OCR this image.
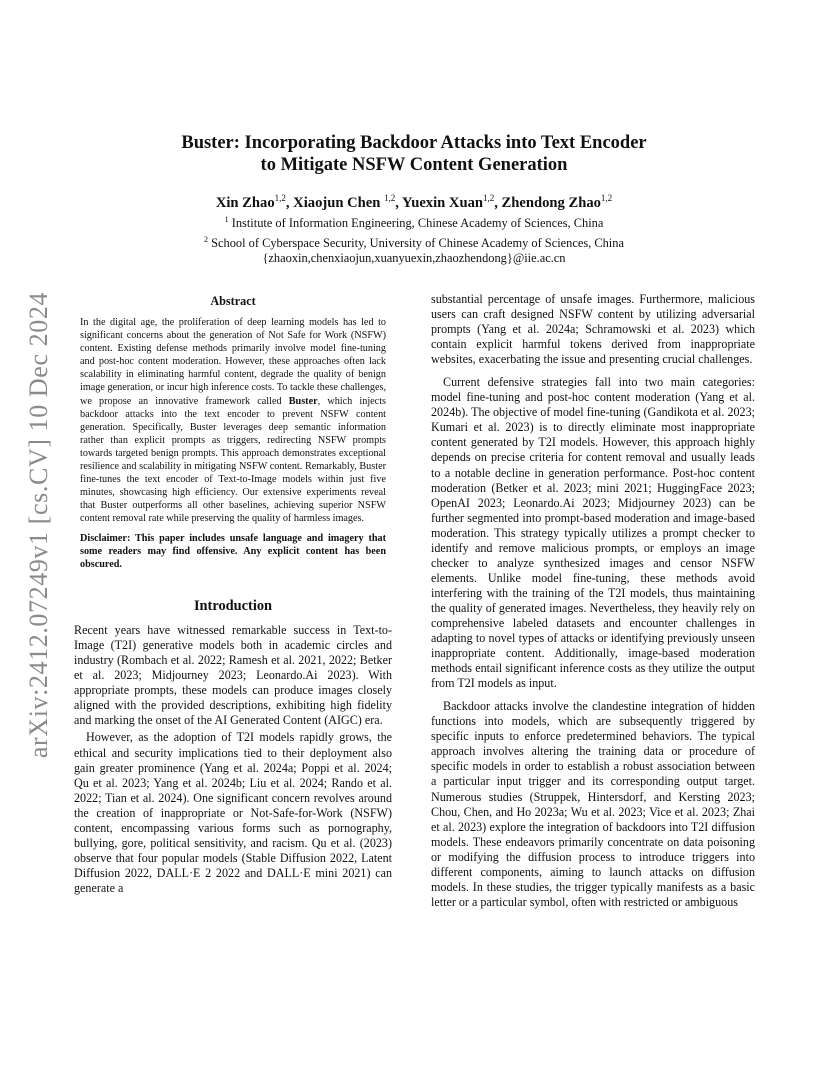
arXiv:2412.07249v1 [cs.CV] 10 Dec 2024
Buster: Incorporating Backdoor Attacks into Text Encoder
to Mitigate NSFW Content Generation
Xin Zhao$^{1,2}$, Xiaojun Chen $^{1,2}$, Yuexin Xuan$^{1,2}$, Zhendong Zhao$^{1,2}$
$^1$ Institute of Information Engineering, Chinese Academy of Sciences, China
$^2$ School of Cyberspace Security, University of Chinese Academy of Sciences, China
{zhaoxin,chenxiaojun,xuanyuexin,zhaozhendong}@iie.ac.cn
Abstract

In the digital age, the proliferation of deep learning models has led to significant concerns about the generation of Not Safe for Work (NSFW) content. Existing defense methods primarily involve model fine-tuning and post-hoc content moderation. However, these approaches often lack scalability in eliminating harmful content, degrade the quality of benign image generation, or incur high inference costs. To tackle these challenges, we propose an innovative framework called Buster, which injects backdoor attacks into the text encoder to prevent NSFW content generation. Specifically, Buster leverages deep semantic information rather than explicit prompts as triggers, redirecting NSFW prompts towards targeted benign prompts. This approach demonstrates exceptional resilience and scalability in mitigating NSFW content. Remarkably, Buster fine-tunes the text encoder of Text-to-Image models within just five minutes, showcasing high efficiency. Our extensive experiments reveal that Buster outperforms all other baselines, achieving superior NSFW content removal rate while preserving the quality of harmless images.

Disclaimer: This paper includes unsafe language and imagery that some readers may find offensive. Any explicit content has been obscured.

Introduction

Recent years have witnessed remarkable success in Text-to-Image (T2I) generative models both in academic circles and industry (Rombach et al. 2022; Ramesh et al. 2021, 2022; Betker et al. 2023; Midjourney 2023; Leonardo.Ai 2023). With appropriate prompts, these models can produce images closely aligned with the provided descriptions, exhibiting high fidelity and marking the onset of the AI Generated Content (AIGC) era.

However, as the adoption of T2I models rapidly grows, the ethical and security implications tied to their deployment also gain greater prominence (Yang et al. 2024a; Poppi et al. 2024; Qu et al. 2023; Yang et al. 2024b; Liu et al. 2024; Rando et al. 2022; Tian et al. 2024). One significant concern revolves around the creation of inappropriate or Not-Safe-for-Work (NSFW) content, encompassing various forms such as pornography, bullying, gore, political sensitivity, and racism. Qu et al. (2023) observe that four popular models (Stable Diffusion 2022, Latent Diffusion 2022, DALL·E 2 2022 and DALL·E mini 2021) can generate a

substantial percentage of unsafe images. Furthermore, malicious users can craft designed NSFW content by utilizing adversarial prompts (Yang et al. 2024a; Schramowski et al. 2023) which contain explicit harmful tokens derived from inappropriate websites, exacerbating the issue and presenting crucial challenges.

Current defensive strategies fall into two main categories: model fine-tuning and post-hoc content moderation (Yang et al. 2024b). The objective of model fine-tuning (Gandikota et al. 2023; Kumari et al. 2023) is to directly eliminate most inappropriate content generated by T2I models. However, this approach highly depends on precise criteria for content removal and usually leads to a notable decline in generation performance. Post-hoc content moderation (Betker et al. 2023; mini 2021; HuggingFace 2023; OpenAI 2023; Leonardo.Ai 2023; Midjourney 2023) can be further segmented into prompt-based moderation and image-based moderation. This strategy typically utilizes a prompt checker to identify and remove malicious prompts, or employs an image checker to analyze synthesized images and censor NSFW elements. Unlike model fine-tuning, these methods avoid interfering with the training of the T2I models, thus maintaining the quality of generated images. Nevertheless, they heavily rely on comprehensive labeled datasets and encounter challenges in adapting to novel types of attacks or identifying previously unseen inappropriate content. Additionally, image-based moderation methods entail significant inference costs as they utilize the output from T2I models as input.

Backdoor attacks involve the clandestine integration of hidden functions into models, which are subsequently triggered by specific inputs to enforce predetermined behaviors. The typical approach involves altering the training data or procedure of specific models in order to establish a robust association between a particular input trigger and its corresponding output target. Numerous studies (Struppek, Hintersdorf, and Kersting 2023; Chou, Chen, and Ho 2023a; Wu et al. 2023; Vice et al. 2023; Zhai et al. 2023) explore the integration of backdoors into T2I diffusion models. These endeavors primarily concentrate on data poisoning or modifying the diffusion process to introduce triggers into different components, aiming to launch attacks on diffusion models. In these studies, the trigger typically manifests as a basic letter or a particular symbol, often with restricted or ambiguous
